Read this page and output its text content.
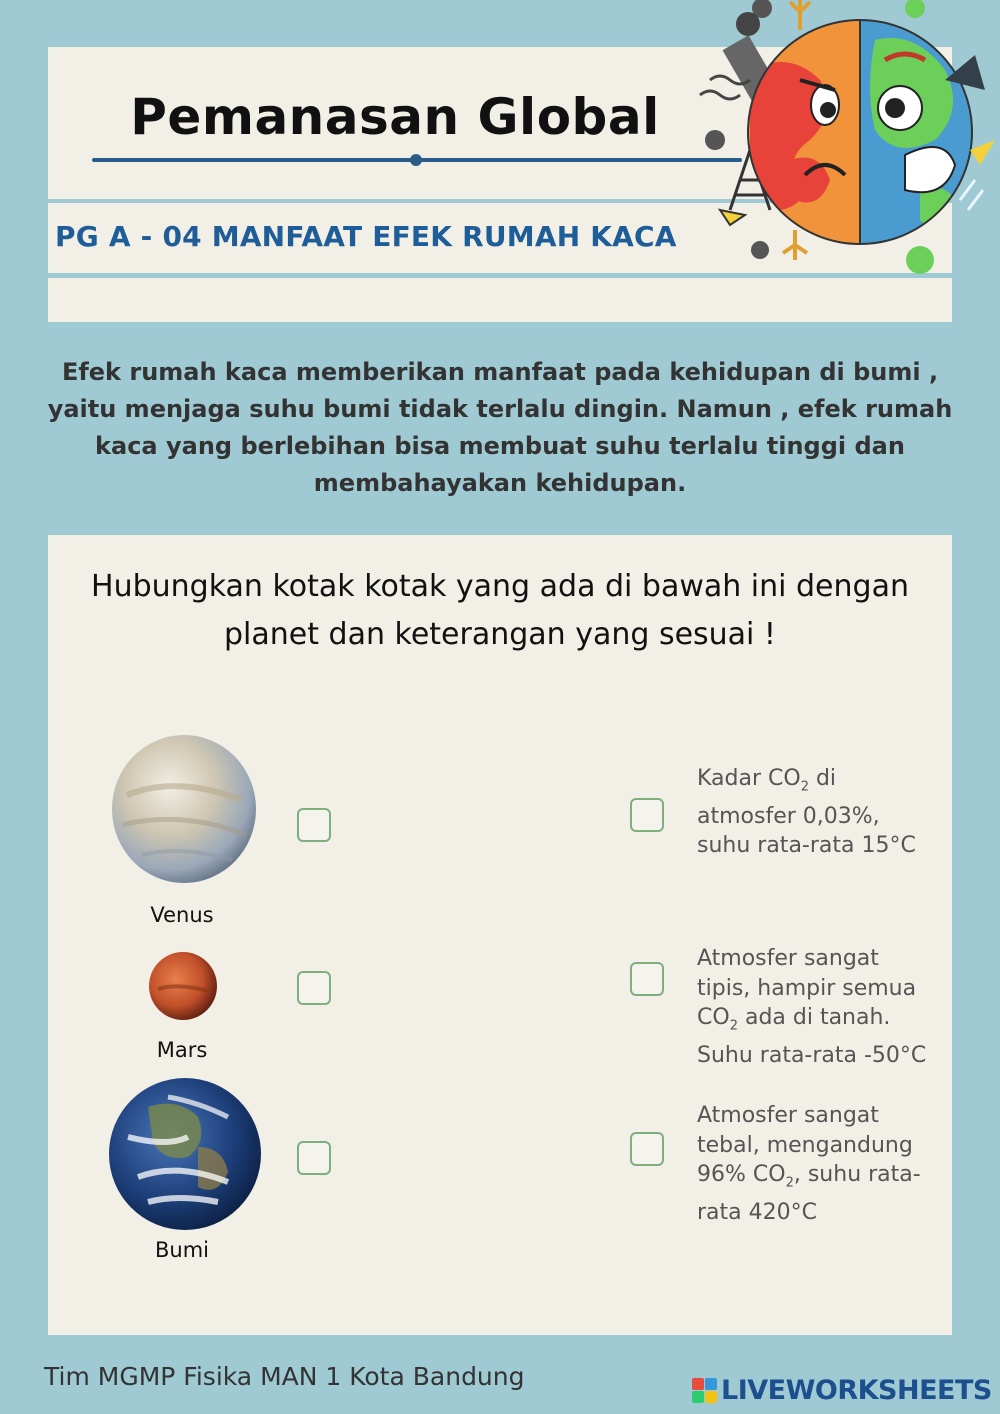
Pemanasan Global
PG A - 04 MANFAAT EFEK RUMAH KACA
Efek rumah kaca memberikan manfaat pada kehidupan di bumi , yaitu menjaga suhu bumi tidak terlalu dingin. Namun , efek rumah kaca yang berlebihan bisa membuat suhu terlalu tinggi dan membahayakan kehidupan.
Hubungkan kotak kotak yang ada di bawah ini dengan planet dan keterangan yang sesuai !
Venus
Mars
Bumi
Kadar $CO_2$ di atmosfer 0,03%, suhu rata-rata 15°C
Atmosfer sangat tipis, hampir semua $CO_2$ ada di tanah. Suhu rata-rata -50°C
Atmosfer sangat tebal, mengandung 96% $CO_2$, suhu rata-rata 420°C
Tim MGMP Fisika MAN 1 Kota Bandung	LIVEWORKSHEETS
